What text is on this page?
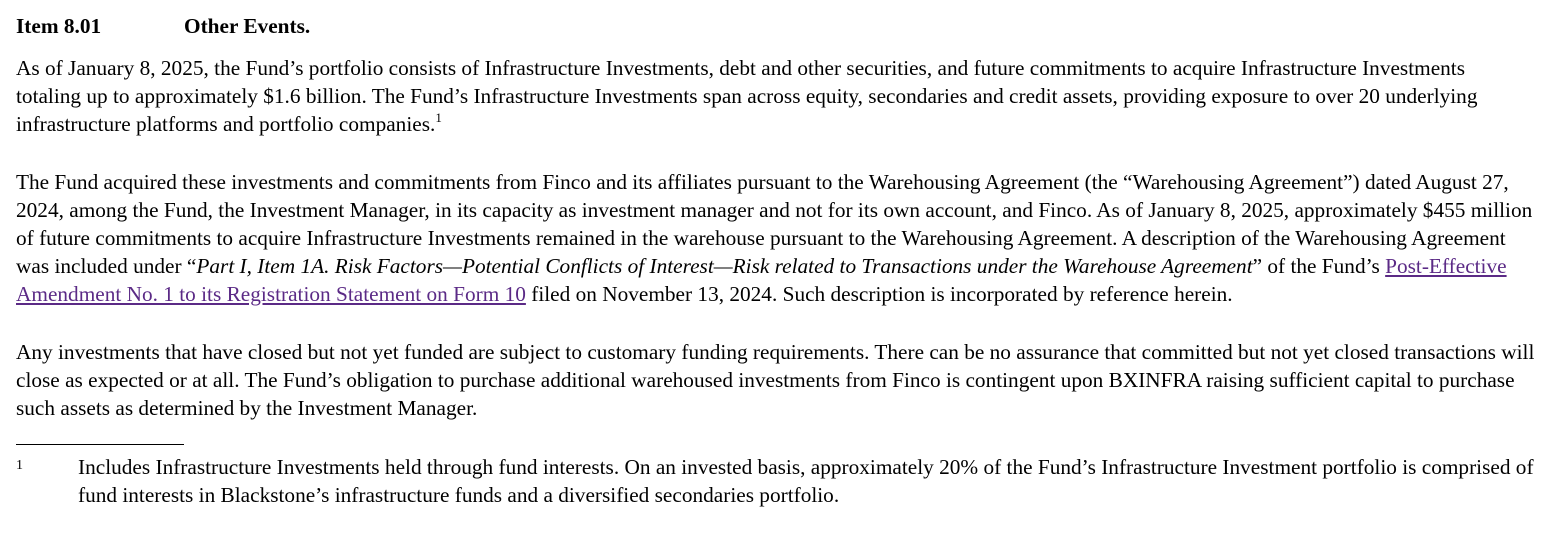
Item 8.01	Other Events.

As of January 8, 2025, the Fund’s portfolio consists of Infrastructure Investments, debt and other securities, and future commitments to acquire Infrastructure Investments totaling up to approximately $1.6 billion. The Fund’s Infrastructure Investments span across equity, secondaries and credit assets, providing exposure to over 20 underlying infrastructure platforms and portfolio companies.$^1$

The Fund acquired these investments and commitments from Finco and its affiliates pursuant to the Warehousing Agreement (the “Warehousing Agreement”) dated August 27, 2024, among the Fund, the Investment Manager, in its capacity as investment manager and not for its own account, and Finco. As of January 8, 2025, approximately $455 million of future commitments to acquire Infrastructure Investments remained in the warehouse pursuant to the Warehousing Agreement. A description of the Warehousing Agreement was included under “Part I, Item 1A. Risk Factors—Potential Conflicts of Interest—Risk related to Transactions under the Warehouse Agreement” of the Fund’s Post-Effective Amendment No. 1 to its Registration Statement on Form 10 filed on November 13, 2024. Such description is incorporated by reference herein.

Any investments that have closed but not yet funded are subject to customary funding requirements. There can be no assurance that committed but not yet closed transactions will close as expected or at all. The Fund’s obligation to purchase additional warehoused investments from Finco is contingent upon BXINFRA raising sufficient capital to purchase such assets as determined by the Investment Manager.

1	Includes Infrastructure Investments held through fund interests. On an invested basis, approximately 20% of the Fund’s Infrastructure Investment portfolio is comprised of fund interests in Blackstone’s infrastructure funds and a diversified secondaries portfolio.
